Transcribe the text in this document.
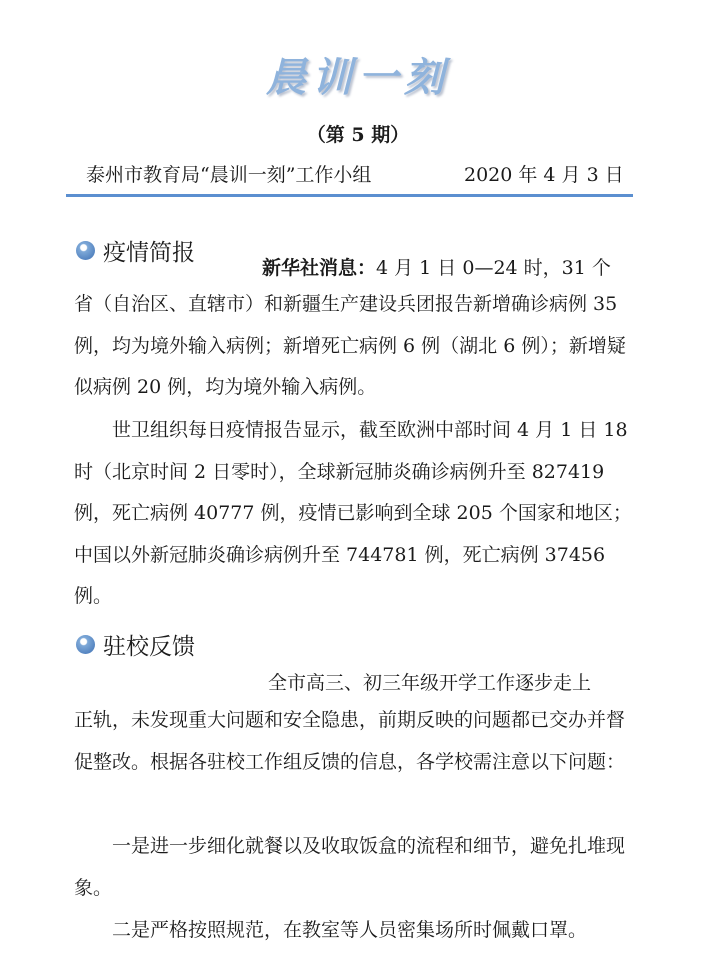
晨训一刻
（第 5 期）
泰州市教育局“晨训一刻”工作小组	2020 年 4 月 3 日
疫情简报
新华社消息：4 月 1 日 0—24 时，31 个
省（自治区、直辖市）和新疆生产建设兵团报告新增确诊病例 35 例，均为境外输入病例；新增死亡病例 6 例（湖北 6 例）；新增疑似病例 20 例，均为境外输入病例。
世卫组织每日疫情报告显示，截至欧洲中部时间 4 月 1 日 18 时（北京时间 2 日零时），全球新冠肺炎确诊病例升至 827419 例，死亡病例 40777 例，疫情已影响到全球 205 个国家和地区；中国以外新冠肺炎确诊病例升至 744781 例，死亡病例 37456 例。
驻校反馈
全市高三、初三年级开学工作逐步走上
正轨，未发现重大问题和安全隐患，前期反映的问题都已交办并督促整改。根据各驻校工作组反馈的信息，各学校需注意以下问题：
一是进一步细化就餐以及收取饭盒的流程和细节，避免扎堆现象。
二是严格按照规范，在教室等人员密集场所时佩戴口罩。
